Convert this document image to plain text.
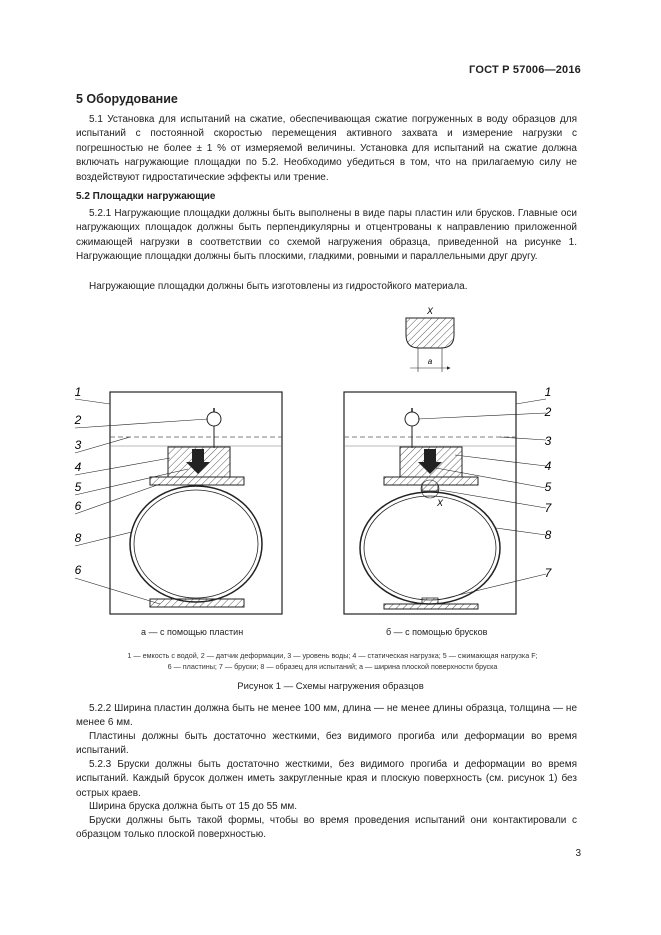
ГОСТ Р 57006—2016
5 Оборудование

5.1 Установка для испытаний на сжатие, обеспечивающая сжатие погруженных в воду образцов для испытаний с постоянной скоростью перемещения активного захвата и измерение нагрузки с погрешностью не более ± 1 % от измеряемой величины. Установка для испытаний на сжатие должна включать нагружающие площадки по 5.2. Необходимо убедиться в том, что на прилагаемую силу не воздействуют гидростатические эффекты или трение.

5.2 Площадки нагружающие

5.2.1 Нагружающие площадки должны быть выполнены в виде пары пластин или брусков. Главные оси нагружающих площадок должны быть перпендикулярны и отцентрованы к направлению приложенной сжимающей нагрузки в соответствии со схемой нагружения образца, приведенной на рисунке 1. Нагружающие площадки должны быть плоскими, гладкими, ровными и параллельными друг другу.

Нагружающие площадки должны быть изготовлены из гидростойкого материала.

X
а
1
2
3
4
5
6
8
6
X
1
2
3
4
5
7
8
7
а — с помощью пластин	б — с помощью брусков
1 — емкость с водой, 2 — датчик деформации, 3 — уровень воды; 4 — статическая нагрузка; 5 — сжимающая нагрузка F;
6 — пластины; 7 — бруски; 8 — образец для испытаний; а — ширина плоской поверхности бруска
Рисунок 1 — Схемы нагружения образцов

5.2.2 Ширина пластин должна быть не менее 100 мм, длина — не менее длины образца, толщина — не менее 6 мм.

Пластины должны быть достаточно жесткими, без видимого прогиба или деформации во время испытаний.

5.2.3 Бруски должны быть достаточно жесткими, без видимого прогиба и деформации во время испытаний. Каждый брусок должен иметь закругленные края и плоскую поверхность (см. рисунок 1) без острых краев.

Ширина бруска должна быть от 15 до 55 мм.

Бруски должны быть такой формы, чтобы во время проведения испытаний они контактировали с образцом только плоской поверхностью.

3
